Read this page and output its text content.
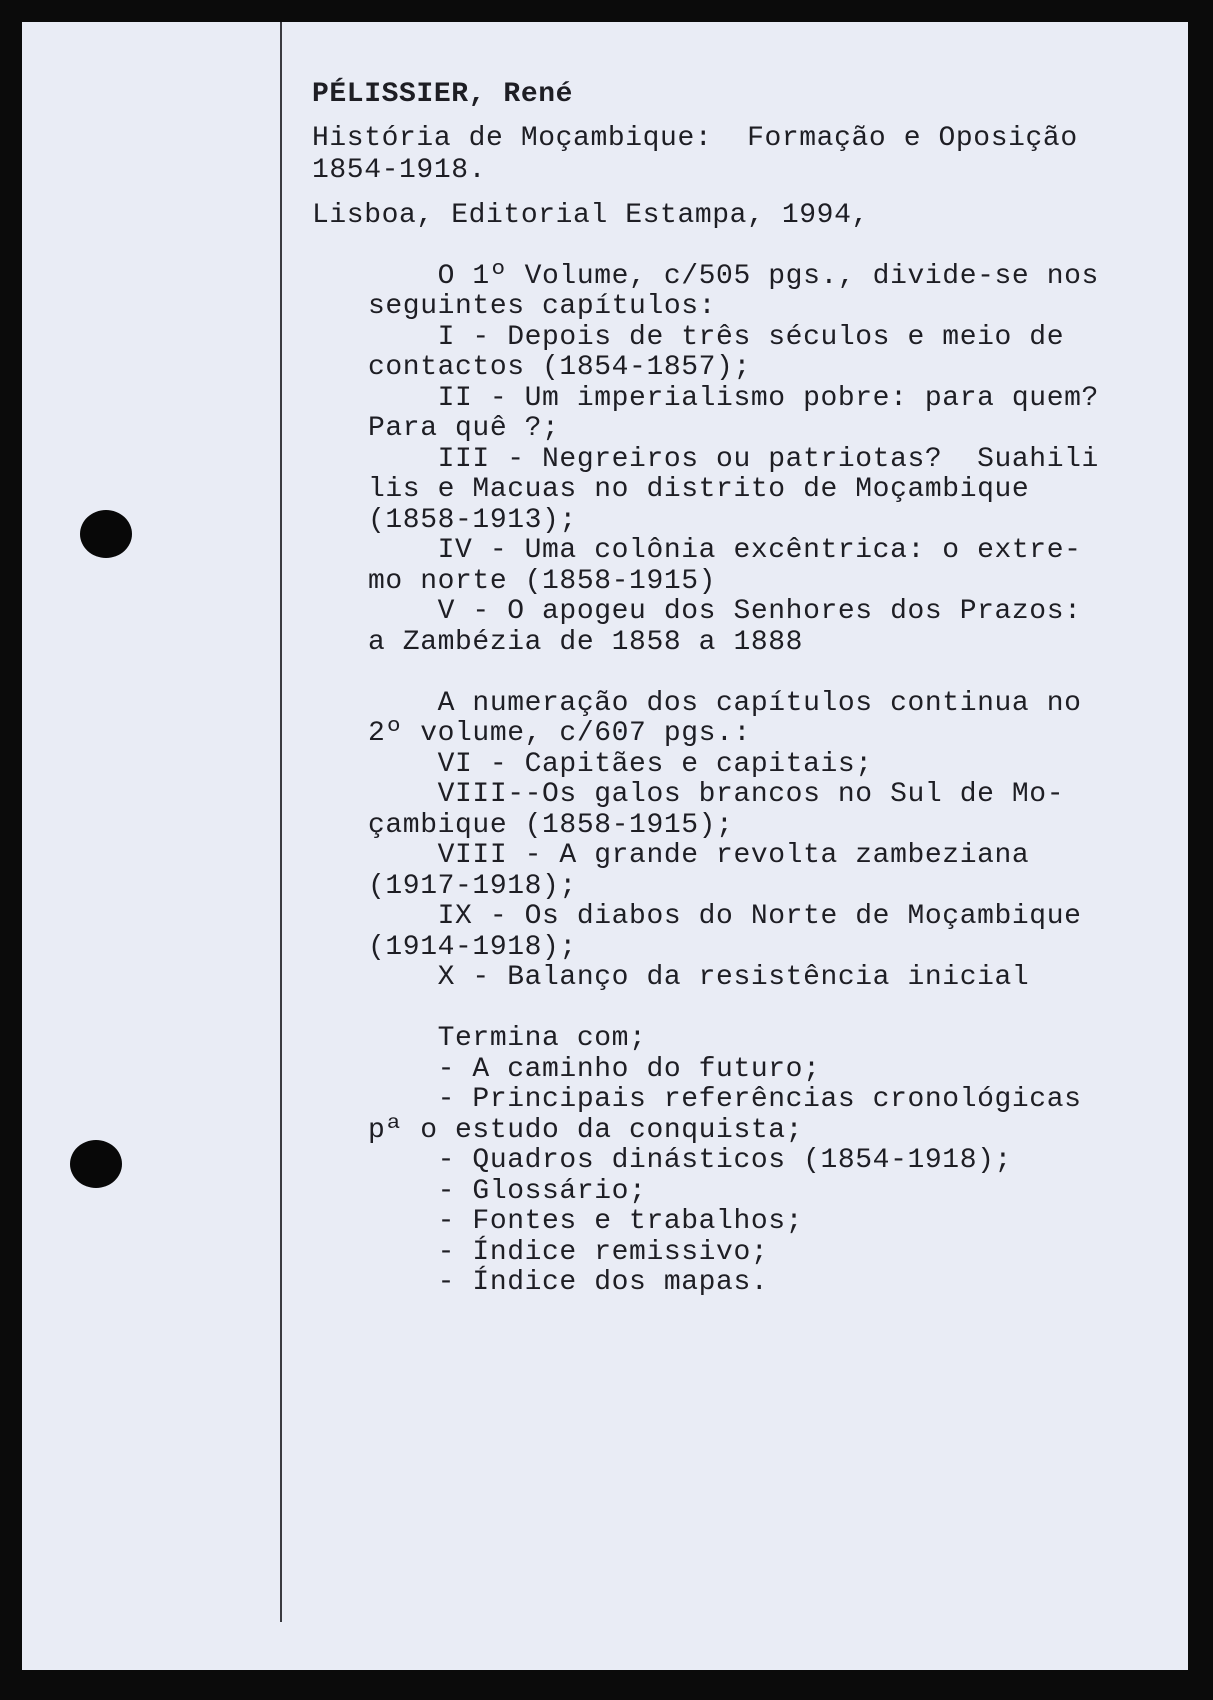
PÉLISSIER, René
História de Moçambique:  Formação e Oposição
1854-1918.
Lisboa, Editorial Estampa, 1994,
O 1º Volume, c/505 pgs., divide-se nos
seguintes capítulos:
I - Depois de três séculos e meio de
contactos (1854-1857);
II - Um imperialismo pobre: para quem?
Para quê ?;
III - Negreiros ou patriotas?  Suahili
lis e Macuas no distrito de Moçambique
(1858-1913);
IV - Uma colônia excêntrica: o extre-
mo norte (1858-1915)
V - O apogeu dos Senhores dos Prazos:
a Zambézia de 1858 a 1888
A numeração dos capítulos continua no
2º volume, c/607 pgs.:
VI - Capitães e capitais;
VIII--Os galos brancos no Sul de Mo-
çambique (1858-1915);
VIII - A grande revolta zambeziana
(1917-1918);
IX - Os diabos do Norte de Moçambique
(1914-1918);
X - Balanço da resistência inicial
Termina com;
- A caminho do futuro;
- Principais referências cronológicas
pª o estudo da conquista;
- Quadros dinásticos (1854-1918);
- Glossário;
- Fontes e trabalhos;
- Índice remissivo;
- Índice dos mapas.
